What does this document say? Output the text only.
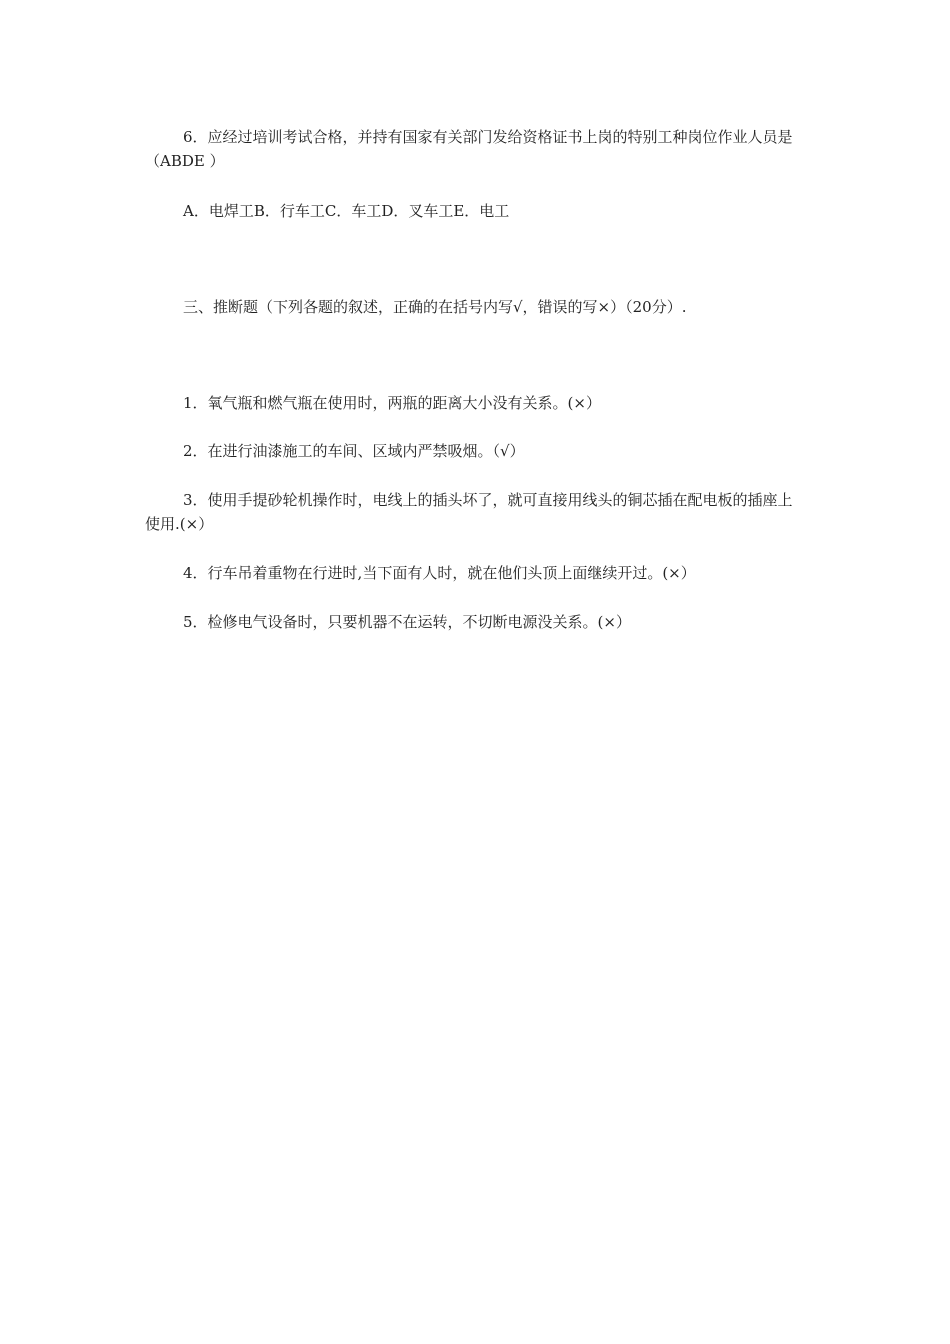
6．应经过培训考试合格，并持有国家有关部门发给资格证书上岗的特别工种岗位作业人员是（ABDE ）
A．电焊工B．行车工C．车工D．叉车工E．电工
三、推断题（下列各题的叙述，正确的在括号内写√，错误的写×）（20分）.
1．氧气瓶和燃气瓶在使用时，两瓶的距离大小没有关系。(×）
2．在进行油漆施工的车间、区域内严禁吸烟。（√）
3．使用手提砂轮机操作时，电线上的插头坏了，就可直接用线头的铜芯插在配电板的插座上使用.(×）
4．行车吊着重物在行进时,当下面有人时，就在他们头顶上面继续开过。(×）
5．检修电气设备时，只要机器不在运转，不切断电源没关系。(×）
